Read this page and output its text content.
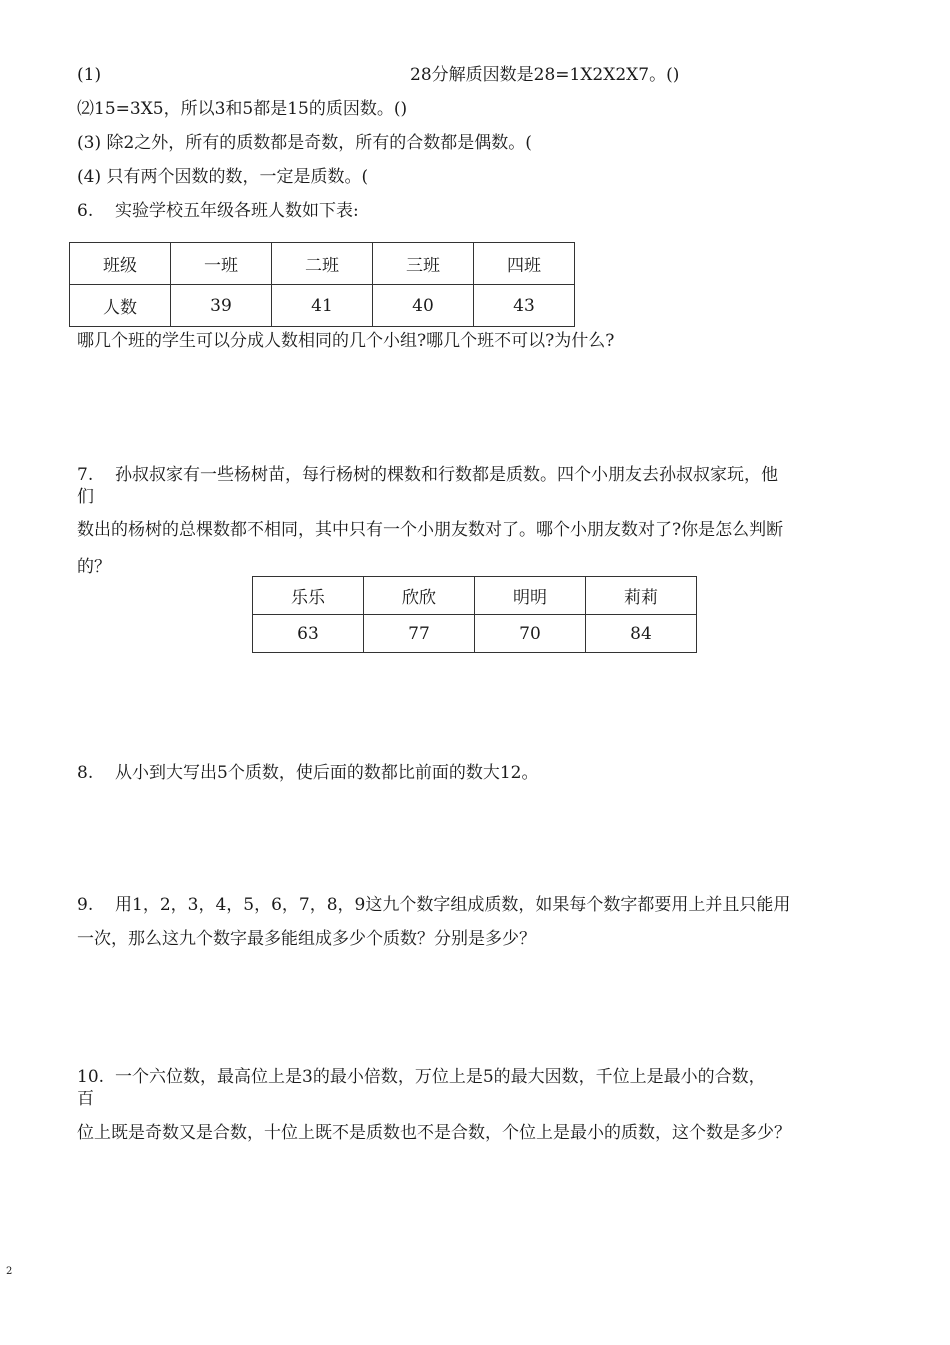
(1)	28分解质因数是28=1X2X2X7。()
⑵15=3X5，所以3和5都是15的质因数。()
(3) 除2之外，所有的质数都是奇数，所有的合数都是偶数。(
(4) 只有两个因数的数，一定是质数。(
6. 实验学校五年级各班人数如下表:
班级	一班	二班	三班	四班
人数	39	41	40	43
哪几个班的学生可以分成人数相同的几个小组?哪几个班不可以?为什么?
7. 孙叔叔家有一些杨树苗，每行杨树的棵数和行数都是质数。四个小朋友去孙叔叔家玩，他
们
数出的杨树的总棵数都不相同，其中只有一个小朋友数对了。哪个小朋友数对了?你是怎么判断
的？
乐乐	欣欣	明明	莉莉
63	77	70	84
8. 从小到大写出5个质数，使后面的数都比前面的数大12。
9. 用1，2，3，4，5，6，7，8，9这九个数字组成质数，如果每个数字都要用上并且只能用
一次，那么这九个数字最多能组成多少个质数？分别是多少？
10. 一个六位数，最高位上是3的最小倍数，万位上是5的最大因数，千位上是最小的合数，
百
位上既是奇数又是合数，十位上既不是质数也不是合数，个位上是最小的质数，这个数是多少？
2
